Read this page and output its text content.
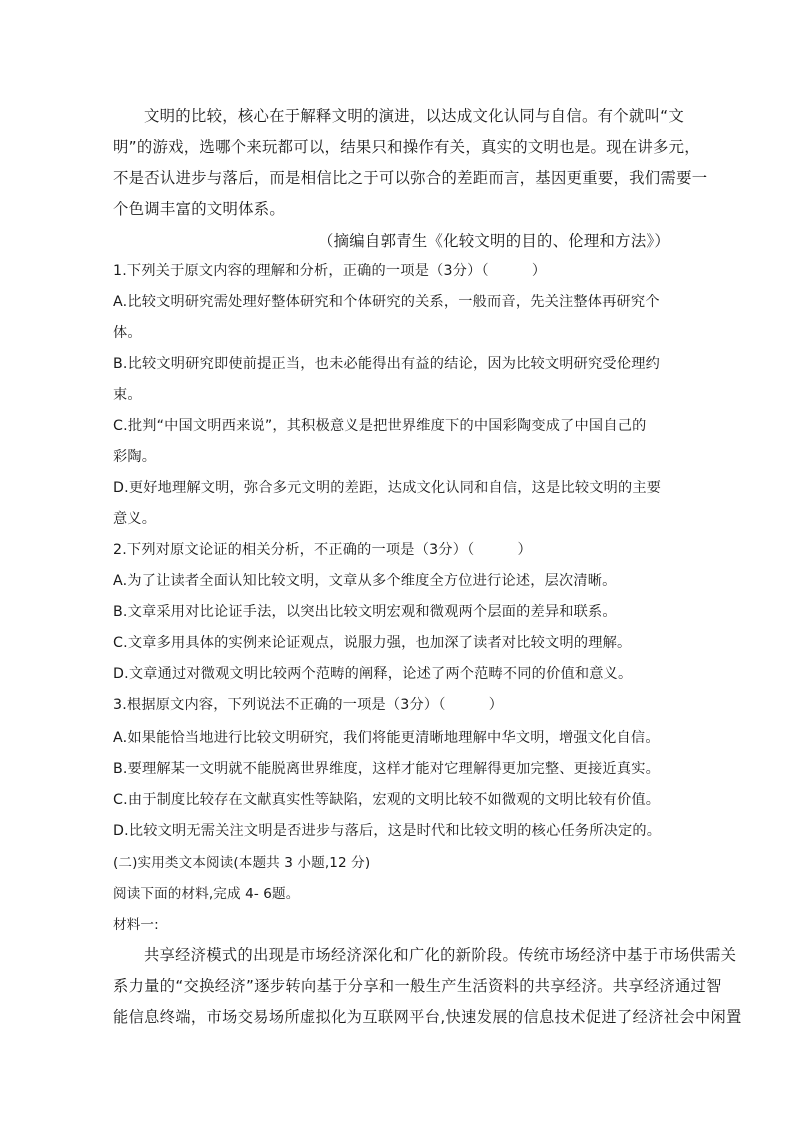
文明的比较，核心在于解释文明的演进，以达成文化认同与自信。有个就叫“文
明”的游戏，选哪个来玩都可以，结果只和操作有关，真实的文明也是。现在讲多元，
不是否认进步与落后，而是相信比之于可以弥合的差距而言，基因更重要，我们需要一
个色调丰富的文明体系。
（摘编自郭青生《化较文明的目的、伦理和方法》）
1.下列关于原文内容的理解和分析，正确的一项是（3分）（　　　）
A.比较文明研究需处理好整体研究和个体研究的关系，一般而音，先关注整体再研究个
体。
B.比较文明研究即使前提正当，也未必能得出有益的结论，因为比较文明研究受伦理约
束。
C.批判“中国文明西来说”，其积极意义是把世界维度下的中国彩陶变成了中国自己的
彩陶。
D.更好地理解文明，弥合多元文明的差距，达成文化认同和自信，这是比较文明的主要
意义。
2.下列对原文论证的相关分析，不正确的一项是（3分）（　　　）
A.为了让读者全面认知比较文明，文章从多个维度全方位进行论述，层次清晰。
B.文章采用对比论证手法，以突出比较文明宏观和微观两个层面的差异和联系。
C.文章多用具体的实例来论证观点，说服力强，也加深了读者对比较文明的理解。
D.文章通过对微观文明比较两个范畴的阐释，论述了两个范畴不同的价值和意义。
3.根据原文内容，下列说法不正确的一项是（3分）（　　　）
A.如果能恰当地进行比较文明研究，我们将能更清晰地理解中华文明，增强文化自信。
B.要理解某一文明就不能脱离世界维度，这样才能对它理解得更加完整、更接近真实。
C.由于制度比较存在文献真实性等缺陷，宏观的文明比较不如微观的文明比较有价值。
D.比较文明无需关注文明是否进步与落后，这是时代和比较文明的核心任务所决定的。
(二)实用类文本阅读(本题共 3 小题,12 分)
阅读下面的材料,完成 4- 6题。
材料一:
共享经济模式的出现是市场经济深化和广化的新阶段。传统市场经济中基于市场供需关
系力量的“交换经济”逐步转向基于分享和一般生产生活资料的共享经济。共享经济通过智
能信息终端，市场交易场所虚拟化为互联网平台,快速发展的信息技术促进了经济社会中闲置
